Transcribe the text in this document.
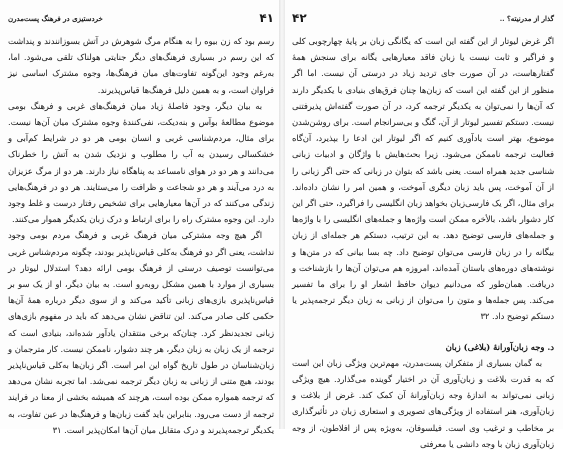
۴۱
خردستیزی در فرهنگ پست‌مدرن

رسم بود که زن بیوه را به هنگام مرگ شوهرش در آتش بسوزانندند و پنداشت که این رسم در بسیاری فرهنگ‌های دیگر جنایتی هولناک تلقی می‌شود. اما، به‌رغم وجود این‌گونه تفاوت‌های میان فرهنگ‌ها، وجوه مشترک اساسی نیز فراوان است، و به همین دلیل فرهنگ‌ها قیاس‌پذیرند.

به بیان دیگر، وجود فاصلهٔ زیاد میان فرهنگ‌های غربی و فرهنگ بومی موضوع مطالعهٔ بوآس و بنه‌دیکت، نفی‌کنندهٔ وجوه مشترک میان آن‌ها نیست. برای مثال، مردم‌شناسی غربی و انسان بومی هر دو در شرایط کم‌آبی و خشکسالی رسیدن به آب را مطلوب و نزدیک شدن به آتش را خطرناک می‌دانند و هر دو در هوای نامساعد به پناهگاه نیاز دارند. هر دو از مرگ عزیزان به درد می‌آیند و هر دو شجاعت و ظرافت را می‌ستایند. هر دو در فرهنگ‌هایی زندگی می‌کنند که در آن‌ها معیارهایی برای تشخیص رفتار درست و غلط وجود دارد. این وجوه مشترک راه را برای ارتباط و درک زبان یکدیگر هموار می‌کنند.

اگر هیچ وجه مشترکی میان فرهنگ غربی و فرهنگ مردم بومی وجود نداشت، یعنی اگر دو فرهنگ به‌کلی قیاس‌ناپذیر بودند، چگونه مردم‌شناس غربی می‌توانست توصیف درستی از فرهنگ بومی ارائه دهد؟ استدلال لیوتار در بسیاری از موارد با همین مشکل روبه‌رو است. به بیان دیگر، او از یک سو بر قیاس‌ناپذیری بازی‌های زبانی تأکید می‌کند و از سوی دیگر درباره همهٔ آن‌ها حکمی کلی صادر می‌کند. این تناقض نشان می‌دهد که باید در مفهوم بازی‌های زبانی تجدیدنظر کرد. چنان‌که برخی منتقدان یادآور شده‌اند، بنیادی است که ترجمه از یک زبان به زبان دیگر، هر چند دشوار، ناممکن نیست. کار مترجمان و زبان‌شناسان در طول تاریخ گواه این امر است. اگر زبان‌ها به‌کلی قیاس‌ناپذیر بودند، هیچ متنی از زبانی به زبان دیگر ترجمه نمی‌شد. اما تجربه نشان می‌دهد که ترجمه همواره ممکن بوده است، هرچند که همیشه بخشی از معنا در فرایند ترجمه از دست می‌رود. بنابراین باید گفت زبان‌ها و فرهنگ‌ها در عین تفاوت، به یکدیگر ترجمه‌پذیرند و درک متقابل میان آن‌ها امکان‌پذیر است. ۳۱

گذار از مدرنیته؟ ..
۴۲

اگر غرض لیوتار از این گفته این است که یگانگی زبان بر پایهٔ چهارچوبی کلی و فراگیر و ثابت نیست یا زبان فاقد معیارهایی یگانه برای سنجش همهٔ گفتارهاست، در آن صورت جای تردید زیاد در درستی آن نیست. اما اگر منظور از این گفته این است که زبان‌ها چنان فرق‌های بنیادی با یکدیگر دارند که آن‌ها را نمی‌توان به یکدیگر ترجمه کرد، در آن صورت گفته‌اش پذیرفتنی نیست. دستکم تفسیر لیوتار از آن، گنگ و بی‌سرانجام است. برای روشن‌شدن موضوع، بهتر است یادآوری کنیم که اگر لیوتار این ادعا را بپذیرد، آن‌گاه فعالیت ترجمه ناممکن می‌شود. زیرا بحث‌هایش با واژگان و ادبیات زبانی شناسی جدید همراه است. یعنی باشد که بتوان در زبانی که حتی اگر زبانی را از آن آموخت، پس باید زبان دیگری آموخت، و همین امر را نشان داده‌اند. برای مثال، اگر یک فارسی‌زبان بخواهد زبان انگلیسی را فراگیرد، حتی اگر این کار دشوار باشد، بالأخره ممکن است واژه‌ها و جمله‌های انگلیسی را با واژه‌ها و جمله‌های فارسی توضیح دهد. به این ترتیب، دستکم هر جمله‌ای از زبان بیگانه را در زبان فارسی می‌توان توضیح داد. چه بسا بیانی که در متن‌ها و نوشته‌های دوره‌های باستان آمده‌اند، امروزه هم می‌توان آن‌ها را بازشناخت و دریافت. همان‌طور که می‌دانیم دیوان حافظ اشعار او را برای ما تفسیر می‌کند. پس جمله‌ها و متون را می‌توان از زبانی به زبان دیگر ترجمه‌پذیر یا دستکم توضیح داد. ۳۲

د. وجه زبان‌آورانهٔ (بلاغی) زبان

به گمان بسیاری از متفکران پست‌مدرن، مهم‌ترین ویژگی زبان این است که به قدرت بلاغت و زبان‌آوری آن در اختیار گوینده می‌گذارد. هیچ ویژگی زبانی نمی‌تواند به اندازهٔ وجه زبان‌آورانهٔ آن کمک کند. غرض از بلاغت و زبان‌آوری، هنر استفاده از ویژگی‌های تصویری و استعاری زبان در تأثیرگذاری بر مخاطب و ترغیب وی است. فیلسوفان، به‌ویژه پس از افلاطون، از وجه زبان‌آوری زبان با وجه دانشی یا معرفتی
